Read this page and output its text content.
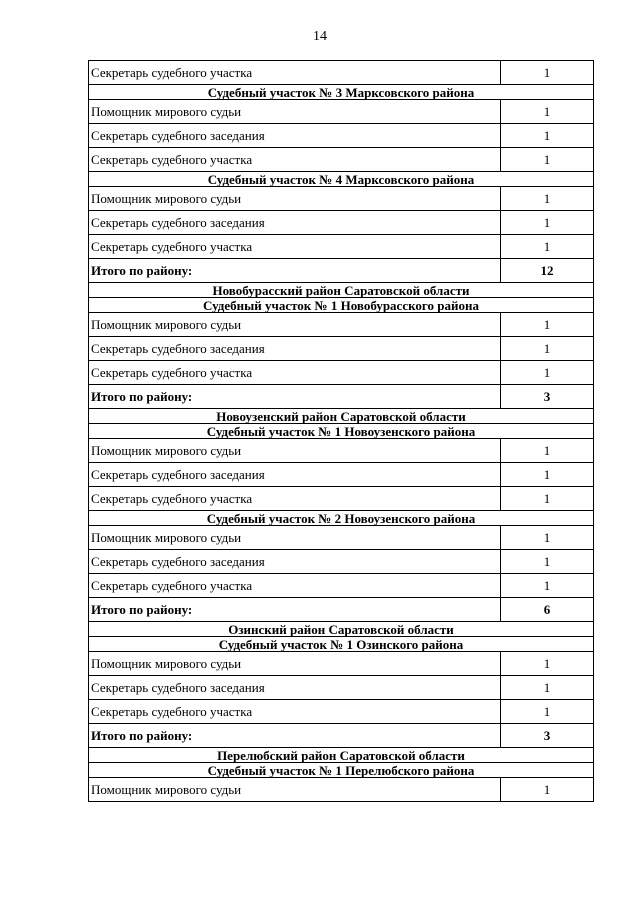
14
Секретарь судебного участка	1
Судебный участок № 3 Марксовского района	
Помощник мирового судьи	1
Секретарь судебного заседания	1
Секретарь судебного участка	1
Судебный участок № 4 Марксовского района	
Помощник мирового судьи	1
Секретарь судебного заседания	1
Секретарь судебного участка	1
Итого по району:	12
Новобурасский район Саратовской области	
Судебный участок № 1 Новобурасского района	
Помощник мирового судьи	1
Секретарь судебного заседания	1
Секретарь судебного участка	1
Итого по району:	3
Новоузенский район Саратовской области	
Судебный участок № 1 Новоузенского района	
Помощник мирового судьи	1
Секретарь судебного заседания	1
Секретарь судебного участка	1
Судебный участок № 2 Новоузенского района	
Помощник мирового судьи	1
Секретарь судебного заседания	1
Секретарь судебного участка	1
Итого по району:	6
Озинский район Саратовской области	
Судебный участок № 1 Озинского района	
Помощник мирового судьи	1
Секретарь судебного заседания	1
Секретарь судебного участка	1
Итого по району:	3
Перелюбский район Саратовской области	
Судебный участок № 1 Перелюбского района	
Помощник мирового судьи	1
